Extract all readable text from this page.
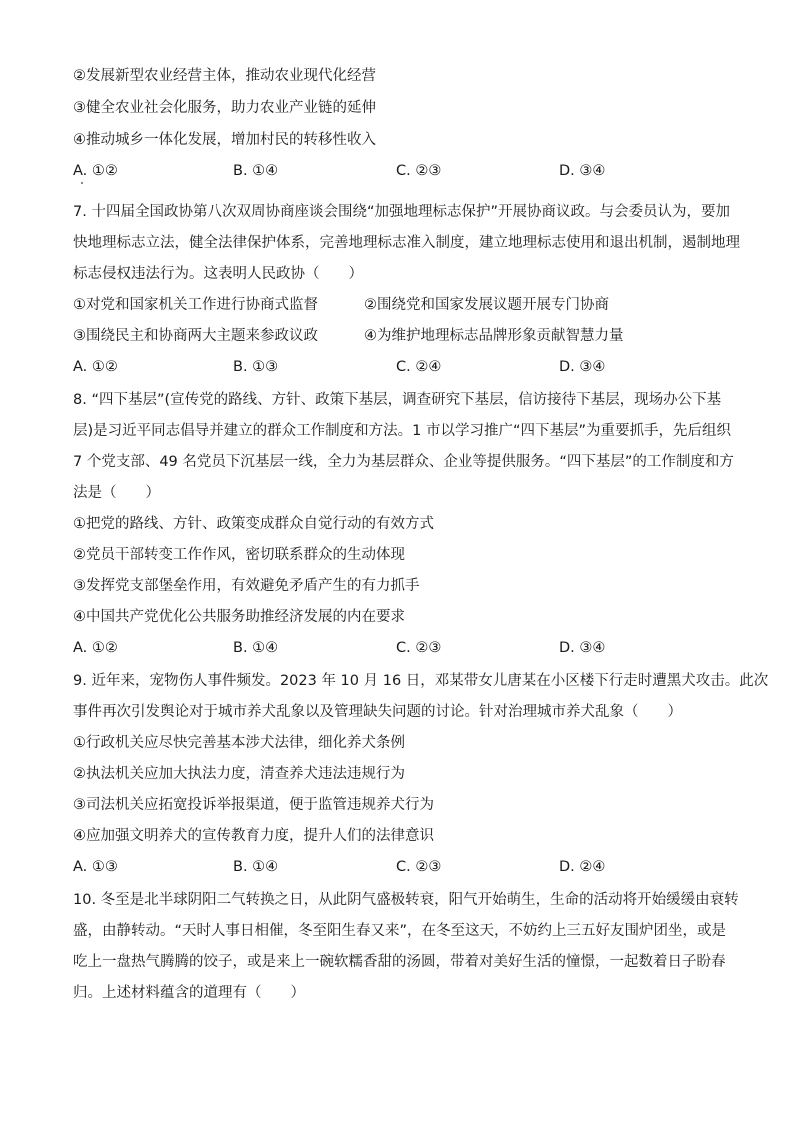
②发展新型农业经营主体，推动农业现代化经营
③健全农业社会化服务，助力农业产业链的延伸
④推动城乡一体化发展，增加村民的转移性收入
A. ①②	B. ①④	C. ②③	D. ③④
7. 十四届全国政协第八次双周协商座谈会围绕“加强地理标志保护”开展协商议政。与会委员认为，要加
快地理标志立法，健全法律保护体系，完善地理标志准入制度，建立地理标志使用和退出机制，遏制地理
标志侵权违法行为。这表明人民政协（　　）
①对党和国家机关工作进行协商式监督	②围绕党和国家发展议题开展专门协商
③围绕民主和协商两大主题来参政议政	④为维护地理标志品牌形象贡献智慧力量
A. ①②	B. ①③	C. ②④	D. ③④
8. “四下基层”(宣传党的路线、方针、政策下基层，调查研究下基层，信访接待下基层，现场办公下基
层)是习近平同志倡导并建立的群众工作制度和方法。1 市以学习推广“四下基层”为重要抓手，先后组织
7 个党支部、49 名党员下沉基层一线，全力为基层群众、企业等提供服务。“四下基层”的工作制度和方
法是（　　）
①把党的路线、方针、政策变成群众自觉行动的有效方式
②党员干部转变工作作风，密切联系群众的生动体现
③发挥党支部堡垒作用，有效避免矛盾产生的有力抓手
④中国共产党优化公共服务助推经济发展的内在要求
A. ①②	B. ①④	C. ②③	D. ③④
9. 近年来，宠物伤人事件频发。2023 年 10 月 16 日，邓某带女儿唐某在小区楼下行走时遭黑犬攻击。此次
事件再次引发舆论对于城市养犬乱象以及管理缺失问题的讨论。针对治理城市养犬乱象（　　）
①行政机关应尽快完善基本涉犬法律，细化养犬条例
②执法机关应加大执法力度，清查养犬违法违规行为
③司法机关应拓宽投诉举报渠道，便于监管违规养犬行为
④应加强文明养犬的宣传教育力度，提升人们的法律意识
A. ①③	B. ①④	C. ②③	D. ②④
10. 冬至是北半球阴阳二气转换之日，从此阴气盛极转衰，阳气开始萌生，生命的活动将开始缓缓由衰转
盛，由静转动。“天时人事日相催，冬至阳生春又来”，在冬至这天，不妨约上三五好友围炉团坐，或是
吃上一盘热气腾腾的饺子，或是来上一碗软糯香甜的汤圆，带着对美好生活的憧憬，一起数着日子盼春
归。上述材料蕴含的道理有（　　）
